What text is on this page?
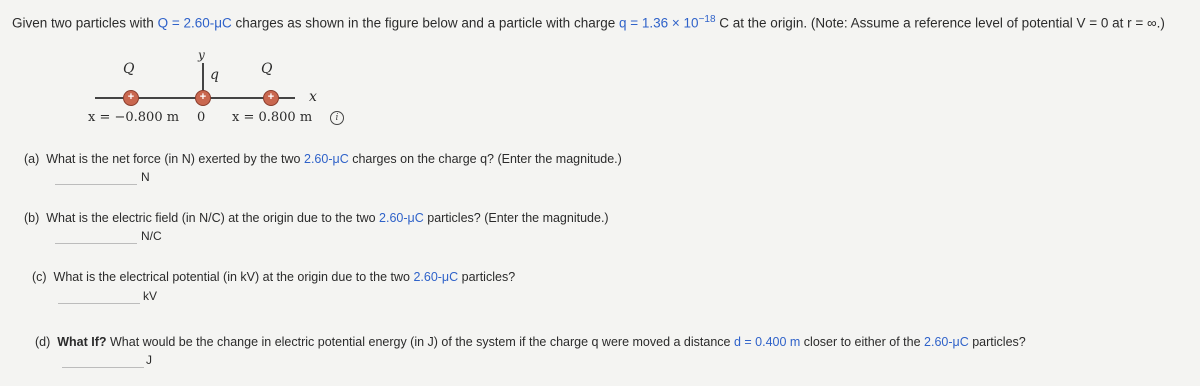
Given two particles with Q = 2.60-μC charges as shown in the figure below and a particle with charge $q = 1.36 \times 10^{-18}$ C at the origin. (Note: Assume a reference level of potential V = 0 at r = ∞.)
Q
y
q	Q
+	+	+	x
x = −0.800 m 0 x = 0.800 m	i
(a) What is the net force (in N) exerted by the two 2.60-μC charges on the charge q? (Enter the magnitude.)
N
(b) What is the electric field (in N/C) at the origin due to the two 2.60-μC particles? (Enter the magnitude.)
N/C
(c) What is the electrical potential (in kV) at the origin due to the two 2.60-μC particles?
kV
(d) What If? What would be the change in electric potential energy (in J) of the system if the charge q were moved a distance d = 0.400 m closer to either of the 2.60-μC particles?
J
